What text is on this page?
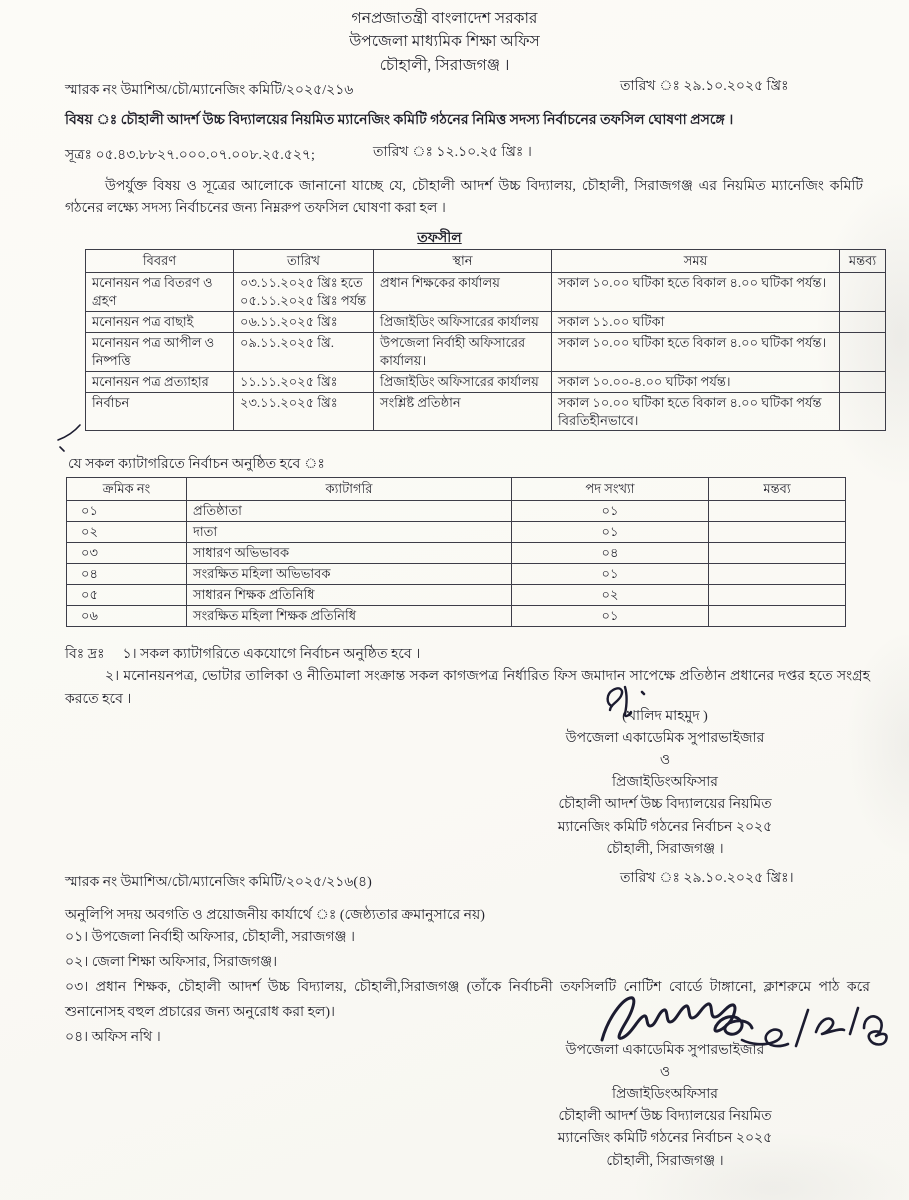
গনপ্রজাতন্ত্রী বাংলাদেশ সরকার
উপজেলা মাধ্যমিক শিক্ষা অফিস
চৌহালী, সিরাজগঞ্জ ।
স্মারক নং উমাশিঅ/চৌ/ম্যানেজিং কমিটি/২০২৫/২১৬	তারিখ ঃ ২৯.১০.২০২৫ খ্রিঃ
বিষয় ঃ চৌহালী আদর্শ উচ্চ বিদ্যালয়ের নিয়মিত ম্যানেজিং কমিটি গঠনের নিমিত্ত সদস্য নির্বাচনের তফসিল ঘোষণা প্রসঙ্গে ।
সূত্রঃ ০৫.৪৩.৮৮২৭.০০০.০৭.০০৮.২৫.৫২৭;	তারিখ ঃ ১২.১০.২৫ খ্রিঃ ।
উপর্যুক্ত বিষয় ও সূত্রের আলোকে জানানো যাচ্ছে যে, চৌহালী আদর্শ উচ্চ বিদ্যালয়, চৌহালী, সিরাজগঞ্জ এর নিয়মিত ম্যানেজিং কমিটি গঠনের লক্ষ্যে সদস্য নির্বাচনের জন্য নিম্নরুপ তফসিল ঘোষণা করা হল ।
তফসীল
বিবরণ	তারিখ	স্থান	সময়	মন্তব্য
মনোনয়ন পত্র বিতরণ ও গ্রহণ	০৩.১১.২০২৫ খ্রিঃ হতে ০৫.১১.২০২৫ খ্রিঃ পর্যন্ত	প্রধান শিক্ষকের কার্যালয়	সকাল ১০.০০ ঘটিকা হতে বিকাল ৪.০০ ঘটিকা পর্যন্ত।	
মনোনয়ন পত্র বাছাই	০৬.১১.২০২৫ খ্রিঃ	প্রিজাইডিং অফিসারের কার্যালয়	সকাল ১১.০০ ঘটিকা	
মনোনয়ন পত্র আপীল ও নিষ্পত্তি	০৯.১১.২০২৫ খ্রি.	উপজেলা নির্বাহী অফিসারের কার্যালয়।	সকাল ১০.০০ ঘটিকা হতে বিকাল ৪.০০ ঘটিকা পর্যন্ত।	
মনোনয়ন পত্র প্রত্যাহার	১১.১১.২০২৫ খ্রিঃ	প্রিজাইডিং অফিসারের কার্যালয়	সকাল ১০.০০-৪.০০ ঘটিকা পর্যন্ত।	
নির্বাচন	২৩.১১.২০২৫ খ্রিঃ	সংশ্লিষ্ট প্রতিষ্ঠান	সকাল ১০.০০ ঘটিকা হতে বিকাল ৪.০০ ঘটিকা পর্যন্ত বিরতিহীনভাবে।	
যে সকল ক্যাটাগরিতে নির্বাচন অনুষ্ঠিত হবে ঃ
ক্রমিক নং	ক্যাটাগরি	পদ সংখ্যা	মন্তব্য
০১	প্রতিষ্ঠাতা	০১	
০২	দাতা	০১	
০৩	সাধারণ অভিভাবক	০৪	
০৪	সংরক্ষিত মহিলা অভিভাবক	০১	
০৫	সাধারন শিক্ষক প্রতিনিধি	০২	
০৬	সংরক্ষিত মহিলা শিক্ষক প্রতিনিধি	০১	
বিঃ দ্রঃ ১। সকল ক্যাটাগরিতে একযোগে নির্বাচন অনুষ্ঠিত হবে ।
২। মনোনয়নপত্র, ভোটার তালিকা ও নীতিমালা সংক্রান্ত সকল কাগজপত্র নির্ধারিত ফিস জমাদান সাপেক্ষে প্রতিষ্ঠান প্রধানের দপ্তর হতে সংগ্রহ করতে হবে ।
(খালিদ মাহমুদ )
উপজেলা একাডেমিক সুপারভাইজার
ও
প্রিজাইডিংঅফিসার
চৌহালী আদর্শ উচ্চ বিদ্যালয়ের নিয়মিত
ম্যানেজিং কমিটি গঠনের নির্বাচন ২০২৫
চৌহালী, সিরাজগঞ্জ ।
স্মারক নং উমাশিঅ/চৌ/ম্যানেজিং কমিটি/২০২৫/২১৬(৪)	তারিখ ঃ ২৯.১০.২০২৫ খ্রিঃ।
অনুলিপি সদয় অবগতি ও প্রয়োজনীয় কার্যার্থে ঃ (জেষ্ঠ্যতার ক্রমানুসারে নয়)
০১। উপজেলা নির্বাহী অফিসার, চৌহালী, সরাজগঞ্জ ।
০২। জেলা শিক্ষা অফিসার, সিরাজগঞ্জ।
০৩। প্রধান শিক্ষক, চৌহালী আদর্শ উচ্চ বিদ্যালয়, চৌহালী,সিরাজগঞ্জ (তাঁকে নির্বাচনী তফসিলটি নোটিশ বোর্ডে টাঙ্গানো, ক্লাশরুমে পাঠ করে শুনানোসহ বহুল প্রচারের জন্য অনুরোধ করা হল)।
০৪। অফিস নথি ।
উপজেলা একাডেমিক সুপারভাইজার
ও
প্রিজাইডিংঅফিসার
চৌহালী আদর্শ উচ্চ বিদ্যালয়ের নিয়মিত
ম্যানেজিং কমিটি গঠনের নির্বাচন ২০২৫
চৌহালী, সিরাজগঞ্জ ।
